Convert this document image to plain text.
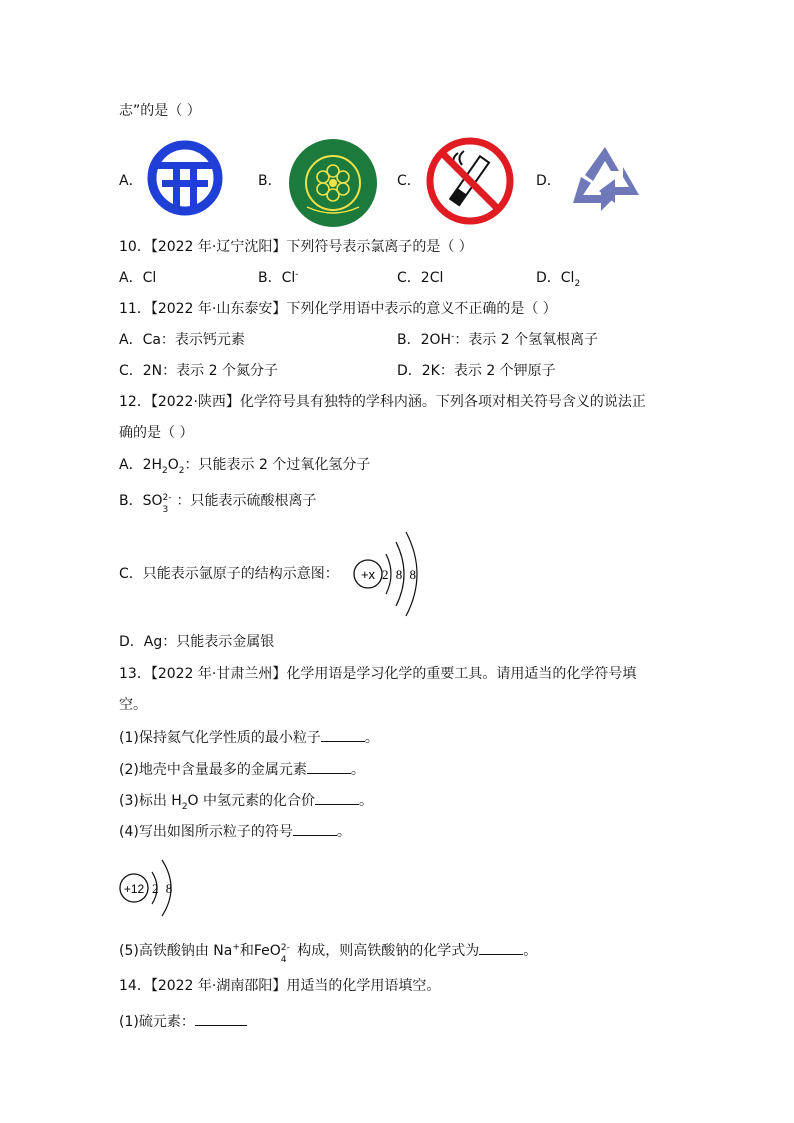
志”的是（ ）
A．	B．	C．	D．
10．【2022 年·辽宁沈阳】下列符号表示氯离子的是（ ）
A．Cl	B．Cl-	C．2Cl	D．$Cl_2$
11．【2022 年·山东泰安】下列化学用语中表示的意义不正确的是（ ）
A．Ca：表示钙元素	B．2OH-：表示 2 个氢氧根离子
C．2N：表示 2 个氮分子	D．2K：表示 2 个钾原子
12．【2022·陕西】化学符号具有独特的学科内涵。下列各项对相关符号含义的说法正
确的是（ ）
A．$2H_2O_2$：只能表示 2 个过氧化氢分子
B．SO 2-
3
：只能表示硫酸根离子
C．只能表示氩原子的结构示意图： +x 2 8 8
D．Ag：只能表示金属银
13．【2022 年·甘肃兰州】化学用语是学习化学的重要工具。请用适当的化学符号填
空。
(1)保持氦气化学性质的最小粒子	。
(2)地壳中含量最多的金属元素	。
(3)标出 $H_2O$ 中氢元素的化合价	。
(4)写出如图所示粒子的符号	。
+12 2 8
(5)高铁酸钠由 Na+和FeO 2-
4
构成，则高铁酸钠的化学式为	。
14．【2022 年·湖南邵阳】用适当的化学用语填空。
(1)硫元素：
